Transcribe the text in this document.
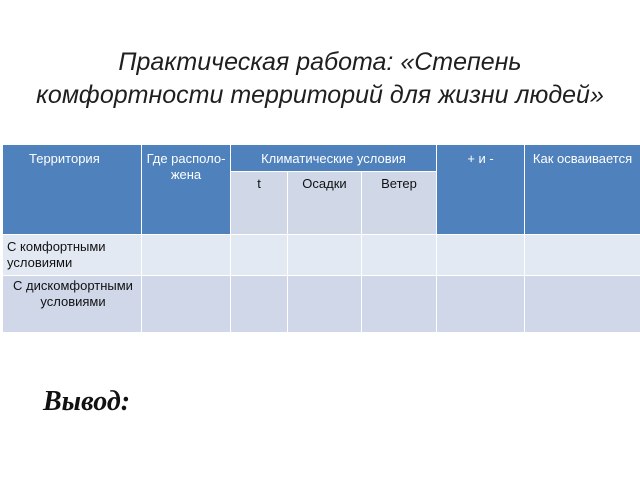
Практическая работа: «Степень
комфортности территорий для жизни людей»
Территория	Где располо-жена	Климатические условия			+ и -	Как осваивается

		t	Осадки	Ветер		

С комфортными условиями						

С дискомфортными условиями						

Вывод:
